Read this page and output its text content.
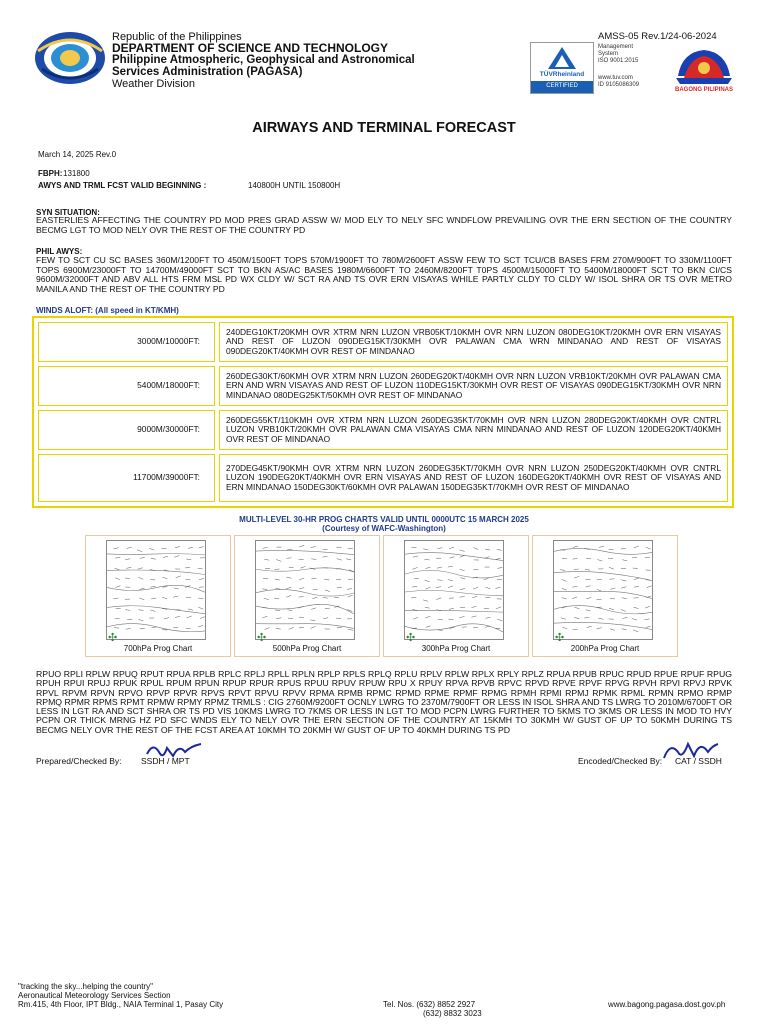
Republic of the Philippines
DEPARTMENT OF SCIENCE AND TECHNOLOGY
Philippine Atmospheric, Geophysical and Astronomical
Services Administration (PAGASA)
Weather Division
AMSS-05 Rev.1/24-06-2024
TÜVRheinland
CERTIFIED
Management
System
ISO 9001:2015
www.tuv.com
ID 9105086309
BAGONG PILIPINAS
AIRWAYS AND TERMINAL FORECAST
March 14, 2025 Rev.0
FBPH: 131800
AWYS AND TRML FCST VALID BEGINNING :	140800H UNTIL 150800H
SYN SITUATION:
EASTERLIES AFFECTING THE COUNTRY PD MOD PRES GRAD ASSW W/ MOD ELY TO NELY SFC WNDFLOW PREVAILING OVR THE ERN SECTION OF THE COUNTRY BECMG LGT TO MOD NELY OVR THE REST OF THE COUNTRY PD
PHIL AWYS:
FEW TO SCT CU SC BASES 360M/1200FT TO 450M/1500FT TOPS 570M/1900FT TO 780M/2600FT ASSW FEW TO SCT TCU/CB BASES FRM 270M/900FT TO 330M/1100FT TOPS 6900M/23000FT TO 14700M/49000FT SCT TO BKN AS/AC BASES 1980M/6600FT TO 2460M/8200FT T0PS 4500M/15000FT TO 5400M/18000FT SCT TO BKN CI/CS 9600M/32000FT AND ABV ALL HTS FRM MSL PD WX CLDY W/ SCT RA AND TS OVR ERN VISAYAS WHILE PARTLY CLDY TO CLDY W/ ISOL SHRA OR TS OVR METRO MANILA AND THE REST OF THE COUNTRY PD
WINDS ALOFT: (All speed in KT/KMH)
3000M/10000FT:	240DEG10KT/20KMH OVR XTRM NRN LUZON VRB05KT/10KMH OVR NRN LUZON 080DEG10KT/20KMH OVR ERN VISAYAS AND REST OF LUZON 090DEG15KT/30KMH OVR PALAWAN CMA WRN MINDANAO AND REST OF VISAYAS 090DEG20KT/40KMH OVR REST OF MINDANAO
5400M/18000FT:	260DEG30KT/60KMH OVR XTRM NRN LUZON 260DEG20KT/40KMH OVR NRN LUZON VRB10KT/20KMH OVR PALAWAN CMA ERN AND WRN VISAYAS AND REST OF LUZON 110DEG15KT/30KMH OVR REST OF VISAYAS 090DEG15KT/30KMH OVR NRN MINDANAO 080DEG25KT/50KMH OVR REST OF MINDANAO
9000M/30000FT:	260DEG55KT/110KMH OVR XTRM NRN LUZON 260DEG35KT/70KMH OVR NRN LUZON 280DEG20KT/40KMH OVR CNTRL LUZON VRB10KT/20KMH OVR PALAWAN CMA VISAYAS CMA NRN MINDANAO AND REST OF LUZON 120DEG20KT/40KMH OVR REST OF MINDANAO
11700M/39000FT:	270DEG45KT/90KMH OVR XTRM NRN LUZON 260DEG35KT/70KMH OVR NRN LUZON 250DEG20KT/40KMH OVR CNTRL LUZON 190DEG20KT/40KMH OVR ERN VISAYAS AND REST OF LUZON 160DEG20KT/40KMH OVR REST OF VISAYAS AND ERN MINDANAO 150DEG30KT/60KMH OVR PALAWAN 150DEG35KT/70KMH OVR REST OF MINDANAO
MULTI-LEVEL 30-HR PROG CHARTS VALID UNTIL 0000UTC 15 MARCH 2025
(Courtesy of WAFC-Washington)
✣
700hPa Prog Chart
✣
500hPa Prog Chart
✣
300hPa Prog Chart
✣
200hPa Prog Chart
RPUO RPLI RPLW RPUQ RPUT RPUA RPLB RPLC RPLJ RPLL RPLN RPLP RPLS RPLQ RPLU RPLV RPLW RPLX RPLY RPLZ RPUA RPUB RPUC RPUD RPUE RPUF RPUG RPUH RPUI RPUJ RPUK RPUL RPUM RPUN RPUP RPUR RPUS RPUU RPUV RPUW RPU X RPUY RPVA RPVB RPVC RPVD RPVE RPVF RPVG RPVH RPVI RPVJ RPVK RPVL RPVM RPVN RPVO RPVP RPVR RPVS RPVT RPVU RPVV RPMA RPMB RPMC RPMD RPME RPMF RPMG RPMH RPMI RPMJ RPMK RPML RPMN RPMO RPMP RPMQ RPMR RPMS RPMT RPMW RPMY RPMZ TRMLS : CIG 2760M/9200FT OCNLY LWRG TO 2370M/7900FT OR LESS IN ISOL SHRA AND TS LWRG TO 2010M/6700FT OR LESS IN LGT RA AND SCT SHRA OR TS PD VIS 10KMS LWRG TO 7KMS OR LESS IN LGT TO MOD PCPN LWRG FURTHER TO 5KMS TO 3KMS OR LESS IN MOD TO HVY PCPN OR THICK MRNG HZ PD SFC WNDS ELY TO NELY OVR THE ERN SECTION OF THE COUNTRY AT 15KMH TO 30KMH W/ GUST OF UP TO 50KMH DURING TS BECMG NELY OVR THE REST OF THE FCST AREA AT 10KMH TO 20KMH W/ GUST OF UP TO 40KMH DURING TS PD
Prepared/Checked By: SSDH / MPT	Encoded/Checked By: CAT / SSDH
"tracking the sky...helping the country"
Aeronautical Meteorology Services Section
Rm.415, 4th Floor, IPT Bldg., NAIA Terminal 1, Pasay City	Tel. Nos. (632) 8852 2927
(632) 8832 3023
www.bagong.pagasa.dost.gov.ph
